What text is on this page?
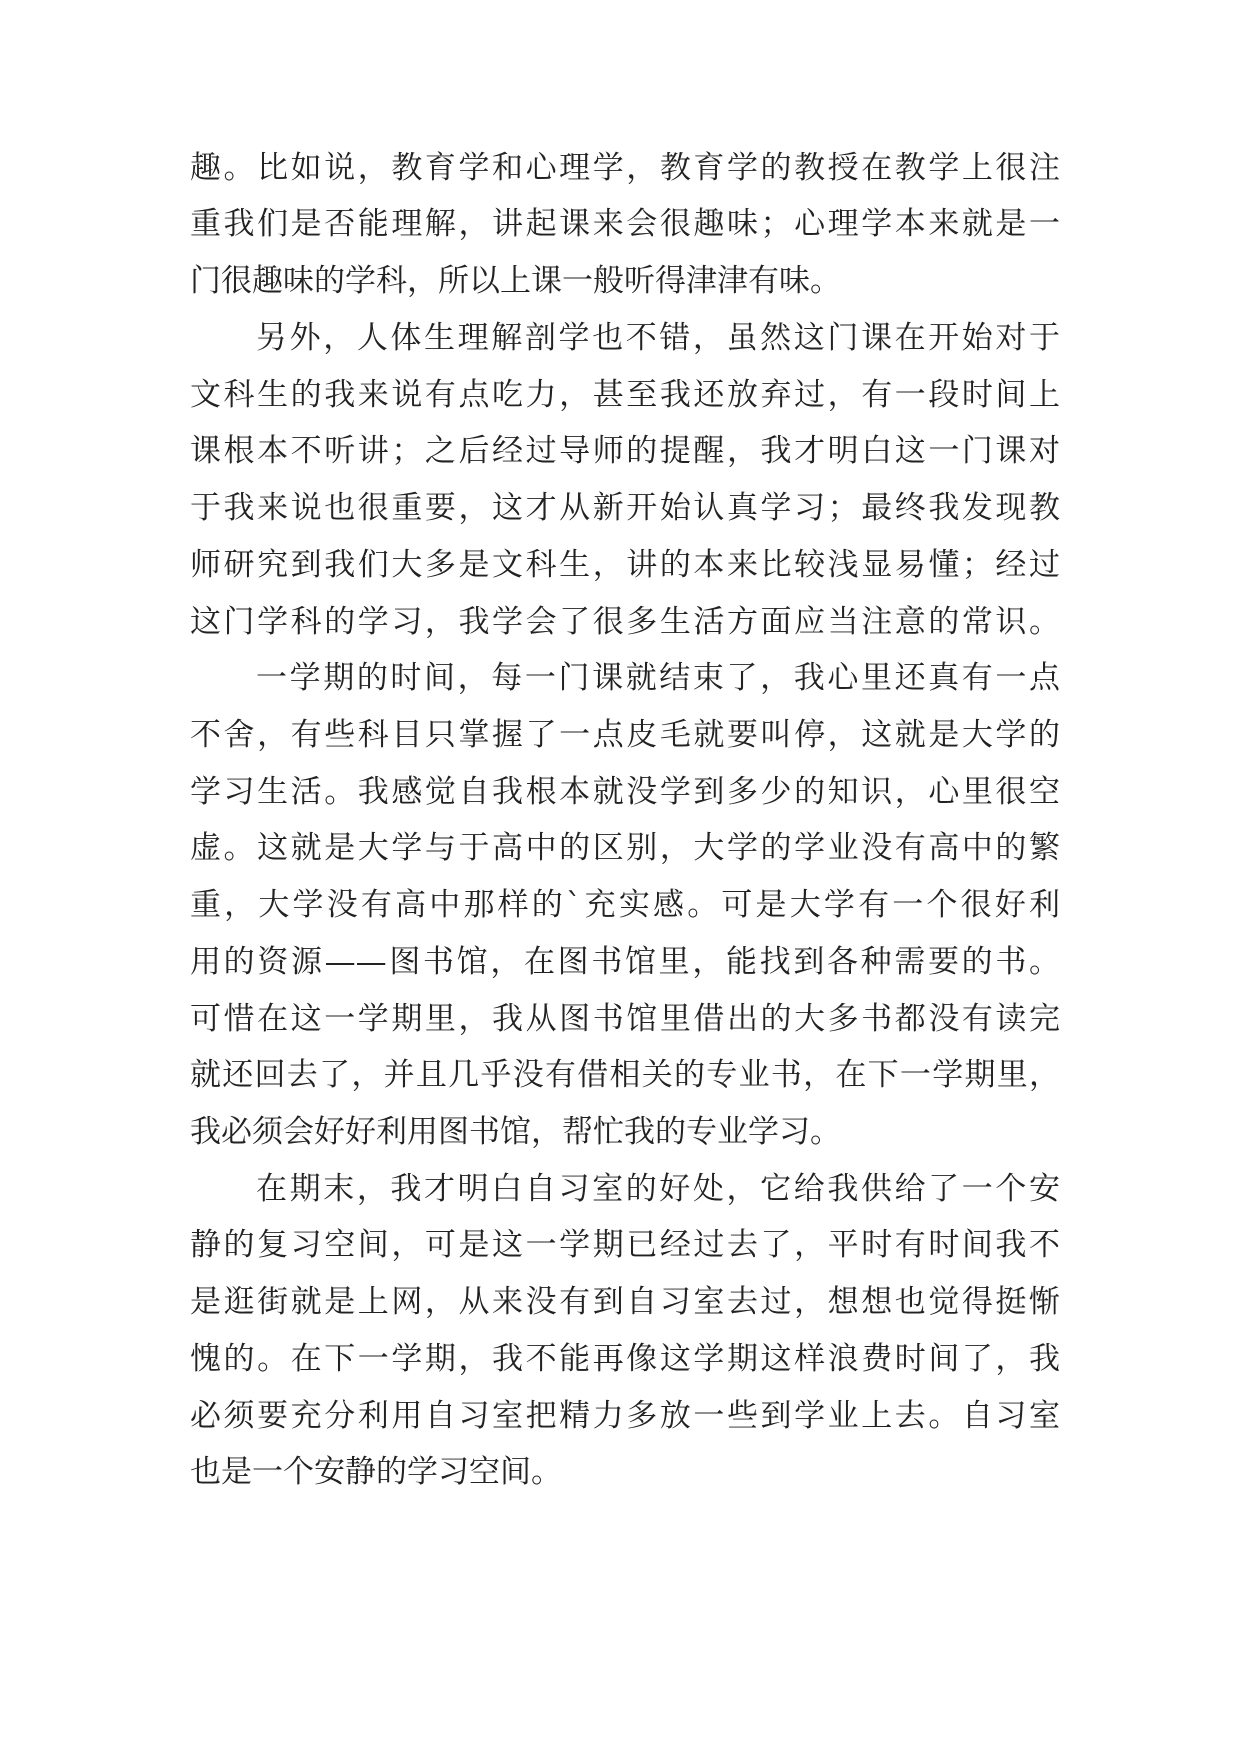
趣。比如说，教育学和心理学，教育学的教授在教学上很注
重我们是否能理解，讲起课来会很趣味；心理学本来就是一
门很趣味的学科，所以上课一般听得津津有味。
另外，人体生理解剖学也不错，虽然这门课在开始对于
文科生的我来说有点吃力，甚至我还放弃过，有一段时间上
课根本不听讲；之后经过导师的提醒，我才明白这一门课对
于我来说也很重要，这才从新开始认真学习；最终我发现教
师研究到我们大多是文科生，讲的本来比较浅显易懂；经过
这门学科的学习，我学会了很多生活方面应当注意的常识。
一学期的时间，每一门课就结束了，我心里还真有一点
不舍，有些科目只掌握了一点皮毛就要叫停，这就是大学的
学习生活。我感觉自我根本就没学到多少的知识，心里很空
虚。这就是大学与于高中的区别，大学的学业没有高中的繁
重，大学没有高中那样的`充实感。可是大学有一个很好利
用的资源——图书馆，在图书馆里，能找到各种需要的书。
可惜在这一学期里，我从图书馆里借出的大多书都没有读完
就还回去了，并且几乎没有借相关的专业书，在下一学期里，
我必须会好好利用图书馆，帮忙我的专业学习。
在期末，我才明白自习室的好处，它给我供给了一个安
静的复习空间，可是这一学期已经过去了，平时有时间我不
是逛街就是上网，从来没有到自习室去过，想想也觉得挺惭
愧的。在下一学期，我不能再像这学期这样浪费时间了，我
必须要充分利用自习室把精力多放一些到学业上去。自习室
也是一个安静的学习空间。
